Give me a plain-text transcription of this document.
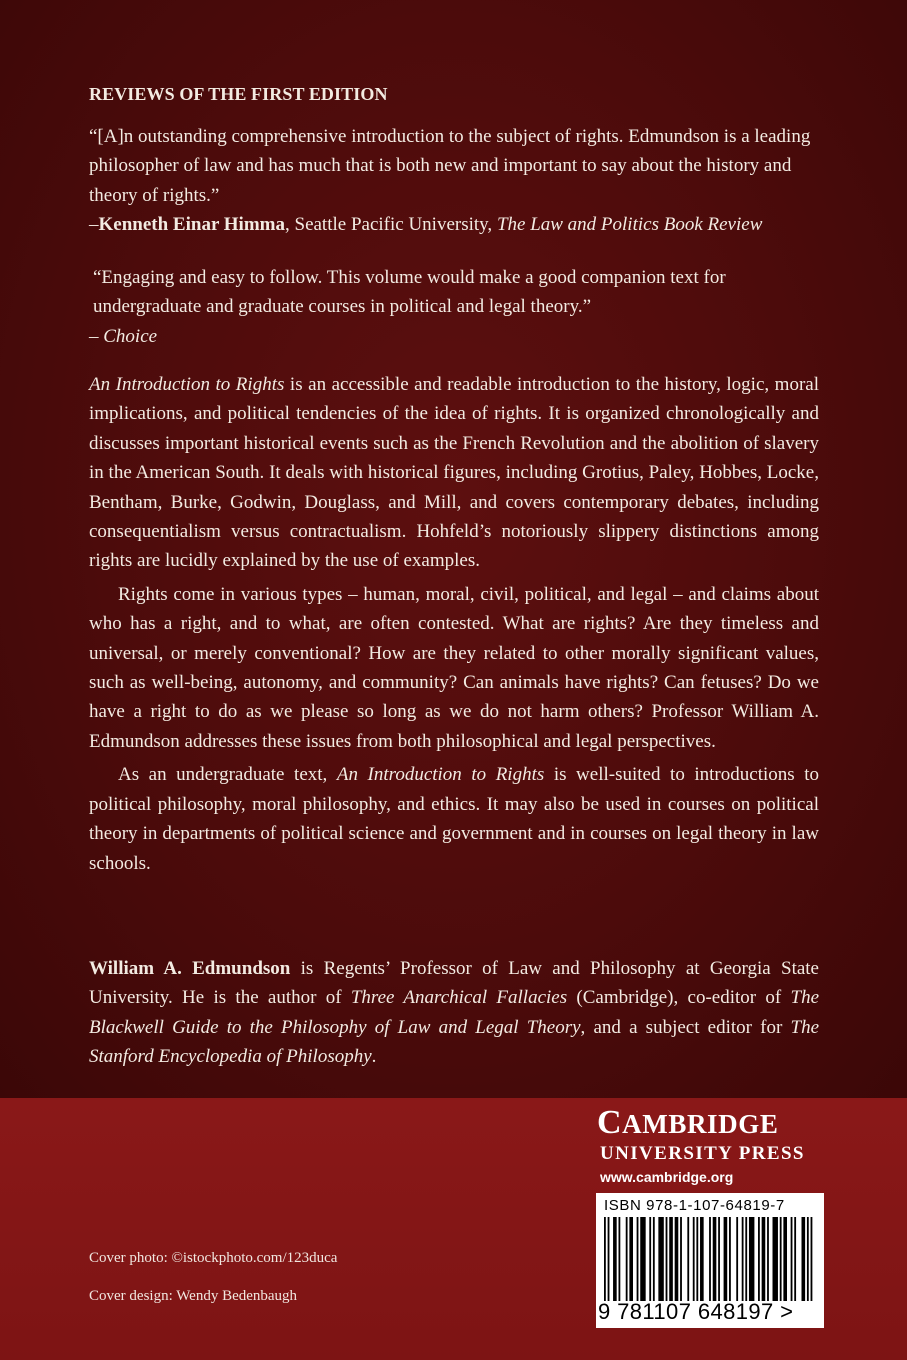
REVIEWS OF THE FIRST EDITION

“[A]n outstanding comprehensive introduction to the subject of rights. Edmundson is a leading philosopher of law and has much that is both new and important to say about the history and theory of rights.”

–Kenneth Einar Himma, Seattle Pacific University, The Law and Politics Book Review

“Engaging and easy to follow. This volume would make a good companion text for undergraduate and graduate courses in political and legal theory.”

– Choice

An Introduction to Rights is an accessible and readable introduction to the history, logic, moral implications, and political tendencies of the idea of rights. It is organized chronologically and discusses important historical events such as the French Revolution and the abolition of slavery in the American South. It deals with historical figures, including Grotius, Paley, Hobbes, Locke, Bentham, Burke, Godwin, Douglass, and Mill, and covers contemporary debates, including consequentialism versus contractualism. Hohfeld’s notoriously slippery distinctions among rights are lucidly explained by the use of examples.

Rights come in various types – human, moral, civil, political, and legal – and claims about who has a right, and to what, are often contested. What are rights? Are they timeless and universal, or merely conventional? How are they related to other morally significant values, such as well-being, autonomy, and community? Can animals have rights? Can fetuses? Do we have a right to do as we please so long as we do not harm others? Professor William A. Edmundson addresses these issues from both philosophical and legal perspectives.

As an undergraduate text, An Introduction to Rights is well-suited to introductions to political philosophy, moral philosophy, and ethics. It may also be used in courses on political theory in departments of political science and government and in courses on legal theory in law schools.

William A. Edmundson is Regents’ Professor of Law and Philosophy at Georgia State University. He is the author of Three Anarchical Fallacies (Cambridge), co-editor of The Blackwell Guide to the Philosophy of Law and Legal Theory, and a subject editor for The Stanford Encyclopedia of Philosophy.
Cover photo: ©istockphoto.com/123duca
Cover design: Wendy Bedenbaugh
CAMBRIDGE
UNIVERSITY PRESS
www.cambridge.org
ISBN 978-1-107-64819-7
9 781107 648197 >
